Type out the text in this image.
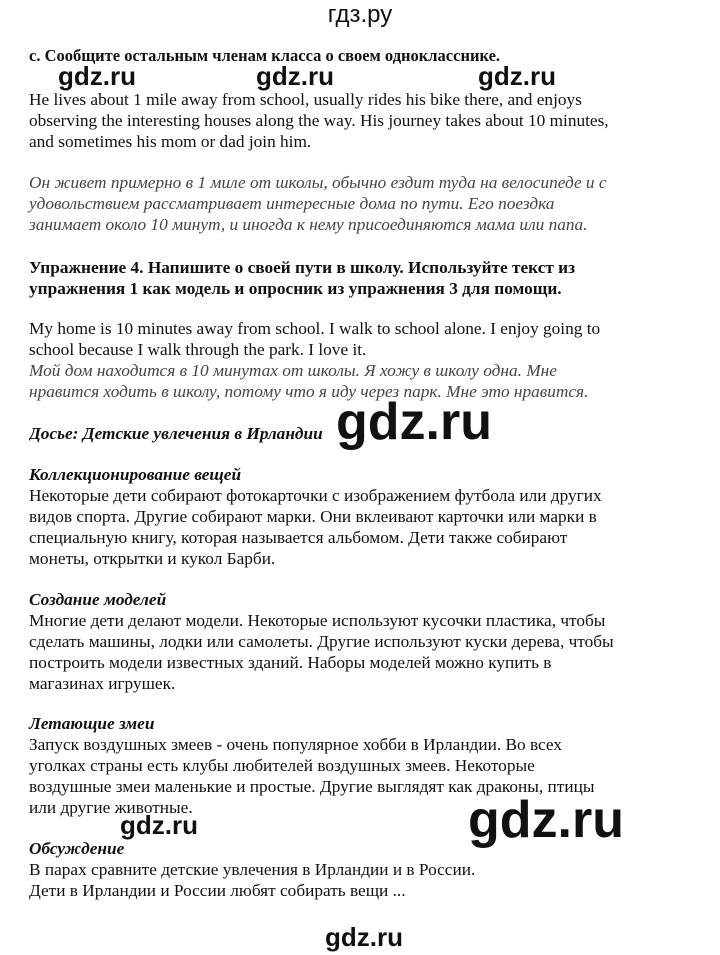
гдз.ру
gdz.ru	gdz.ru	gdz.ru
gdz.ru
gdz.ru	gdz.ru
gdz.ru
c. Сообщите остальным членам класса о своем однокласснике.
He lives about 1 mile away from school, usually rides his bike there, and enjoys
observing the interesting houses along the way. His journey takes about 10 minutes,
and sometimes his mom or dad join him.
Он живет примерно в 1 миле от школы, обычно ездит туда на велосипеде и с
удовольствием рассматривает интересные дома по пути. Его поездка
занимает около 10 минут, и иногда к нему присоединяются мама или папа.
Упражнение 4. Напишите о своей пути в школу. Используйте текст из
упражнения 1 как модель и опросник из упражнения 3 для помощи.
My home is 10 minutes away from school. I walk to school alone. I enjoy going to
school because I walk through the park. I love it.
Мой дом находится в 10 минутах от школы. Я хожу в школу одна. Мне
нравится ходить в школу, потому что я иду через парк. Мне это нравится.
Досье: Детские увлечения в Ирландии
Коллекционирование вещей
Некоторые дети собирают фотокарточки с изображением футбола или других
видов спорта. Другие собирают марки. Они вклеивают карточки или марки в
специальную книгу, которая называется альбомом. Дети также собирают
монеты, открытки и кукол Барби.
Создание моделей
Многие дети делают модели. Некоторые используют кусочки пластика, чтобы
сделать машины, лодки или самолеты. Другие используют куски дерева, чтобы
построить модели известных зданий. Наборы моделей можно купить в
магазинах игрушек.
Летающие змеи
Запуск воздушных змеев - очень популярное хобби в Ирландии. Во всех
уголках страны есть клубы любителей воздушных змеев. Некоторые
воздушные змеи маленькие и простые. Другие выглядят как драконы, птицы
или другие животные.
Обсуждение
В парах сравните детские увлечения в Ирландии и в России.
Дети в Ирландии и России любят собирать вещи ...
